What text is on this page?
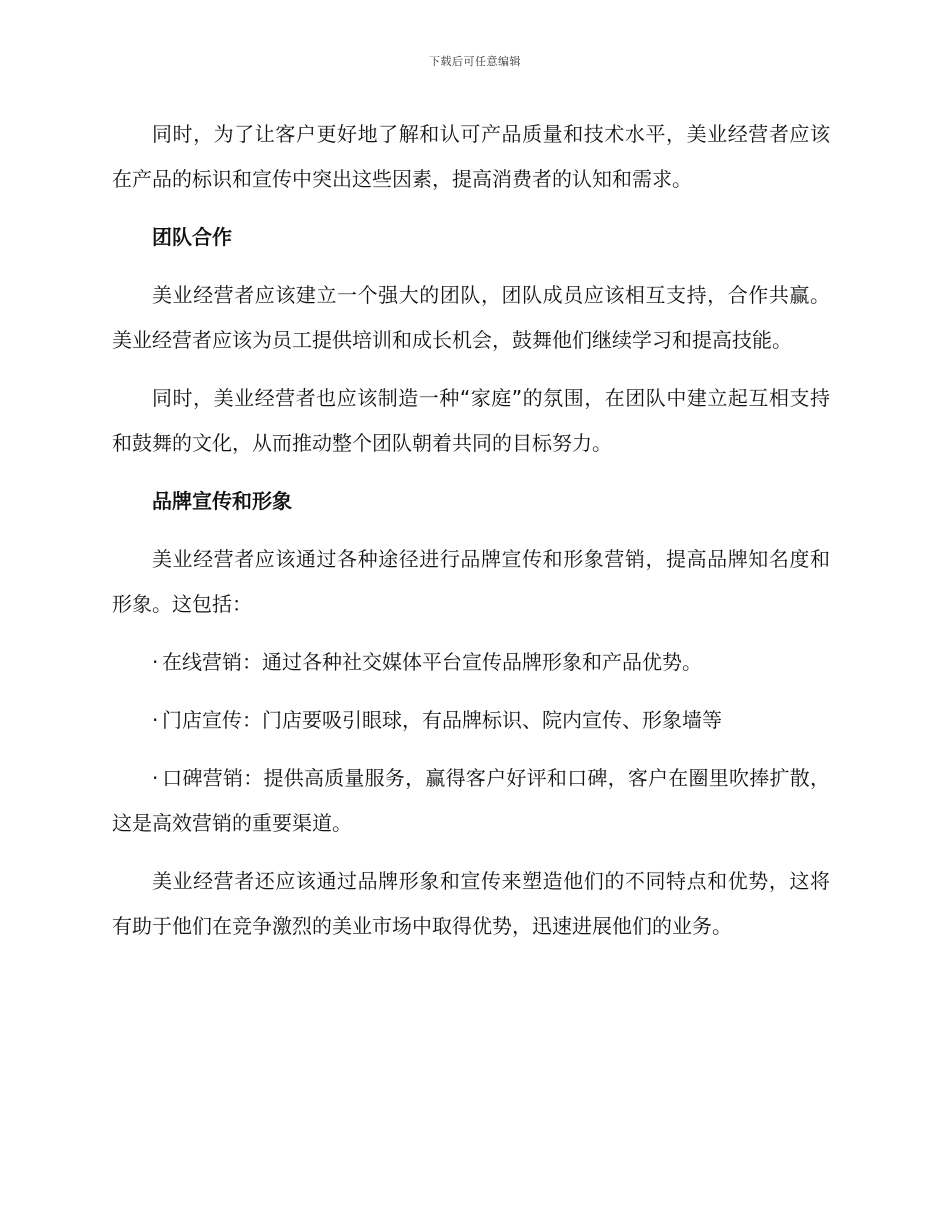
下载后可任意编辑

同时，为了让客户更好地了解和认可产品质量和技术水平，美业经营者应该在产品的标识和宣传中突出这些因素，提高消费者的认知和需求。

团队合作

美业经营者应该建立一个强大的团队，团队成员应该相互支持，合作共赢。美业经营者应该为员工提供培训和成长机会，鼓舞他们继续学习和提高技能。

同时，美业经营者也应该制造一种“家庭”的氛围，在团队中建立起互相支持和鼓舞的文化，从而推动整个团队朝着共同的目标努力。

品牌宣传和形象

美业经营者应该通过各种途径进行品牌宣传和形象营销，提高品牌知名度和形象。这包括：

· 在线营销：通过各种社交媒体平台宣传品牌形象和产品优势。

· 门店宣传：门店要吸引眼球，有品牌标识、院内宣传、形象墙等

· 口碑营销：提供高质量服务，赢得客户好评和口碑，客户在圈里吹捧扩散，这是高效营销的重要渠道。

美业经营者还应该通过品牌形象和宣传来塑造他们的不同特点和优势，这将有助于他们在竞争激烈的美业市场中取得优势，迅速进展他们的业务。
